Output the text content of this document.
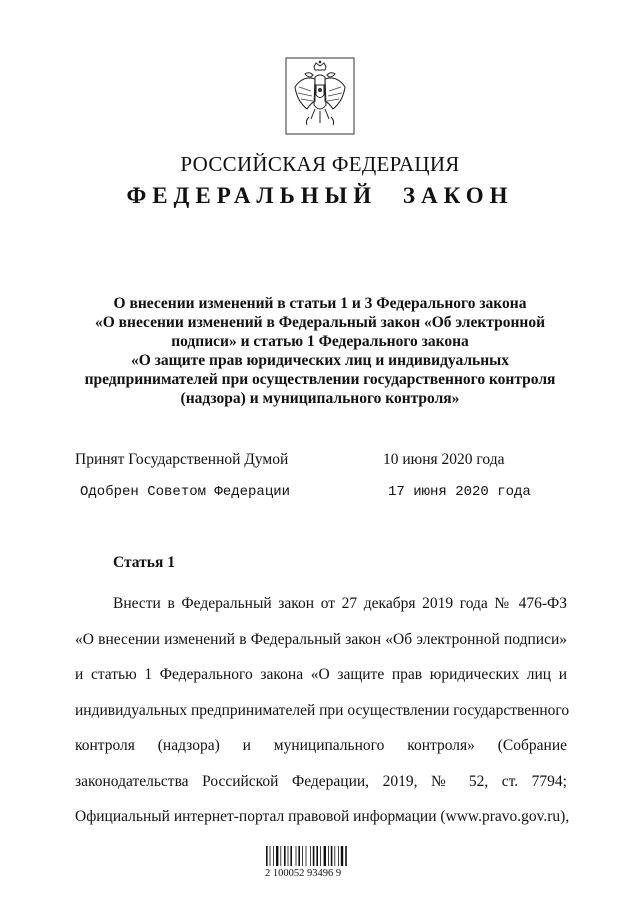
РОССИЙСКАЯ ФЕДЕРАЦИЯ
ФЕДЕРАЛЬНЫЙ ЗАКОН
О внесении изменений в статьи 1 и 3 Федерального закона
«О внесении изменений в Федеральный закон «Об электронной
подписи» и статью 1 Федерального закона
«О защите прав юридических лиц и индивидуальных
предпринимателей при осуществлении государственного контроля
(надзора) и муниципального контроля»
Принят Государственной Думой	10 июня 2020 года
Одобрен Советом Федерации	17 июня 2020 года
Статья 1
Внести в Федеральный закон от 27 декабря 2019 года № 476-ФЗ
«О внесении изменений в Федеральный закон «Об электронной подписи»
и статью 1 Федерального закона «О защите прав юридических лиц и
индивидуальных предпринимателей при осуществлении государственного
контроля (надзора) и муниципального контроля» (Собрание
законодательства Российской Федерации, 2019, № 52, ст. 7794;
Официальный интернет-портал правовой информации (www.pravo.gov.ru),
2 100052 93496 9
